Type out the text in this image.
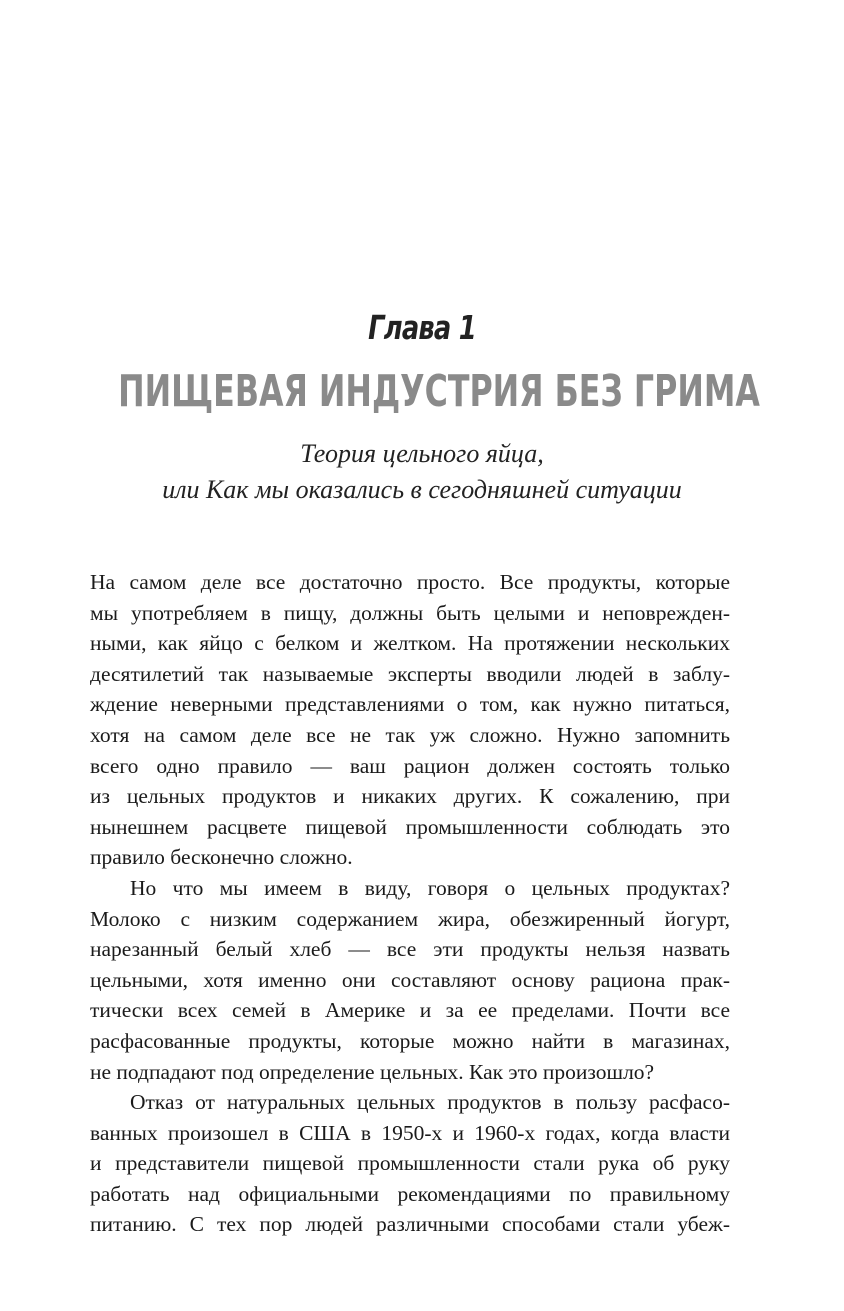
Глава 1
ПИЩЕВАЯ ИНДУСТРИЯ БЕЗ ГРИМА
Теория цельного яйца,
или Как мы оказались в сегодняшней ситуации
На самом деле все достаточно просто. Все продукты, которые
мы употребляем в пищу, должны быть целыми и неповрежден-
ными, как яйцо с белком и желтком. На протяжении нескольких
десятилетий так называемые эксперты вводили людей в заблу-
ждение неверными представлениями о том, как нужно питаться,
хотя на самом деле все не так уж сложно. Нужно запомнить
всего одно правило — ваш рацион должен состоять только
из цельных продуктов и никаких других. К сожалению, при
нынешнем расцвете пищевой промышленности соблюдать это
правило бесконечно сложно.
Но что мы имеем в виду, говоря о цельных продуктах?
Молоко с низким содержанием жира, обезжиренный йогурт,
нарезанный белый хлеб — все эти продукты нельзя назвать
цельными, хотя именно они составляют основу рациона прак-
тически всех семей в Америке и за ее пределами. Почти все
расфасованные продукты, которые можно найти в магазинах,
не подпадают под определение цельных. Как это произошло?
Отказ от натуральных цельных продуктов в пользу расфасо-
ванных произошел в США в 1950-х и 1960-х годах, когда власти
и представители пищевой промышленности стали рука об руку
работать над официальными рекомендациями по правильному
питанию. С тех пор людей различными способами стали убеж-
